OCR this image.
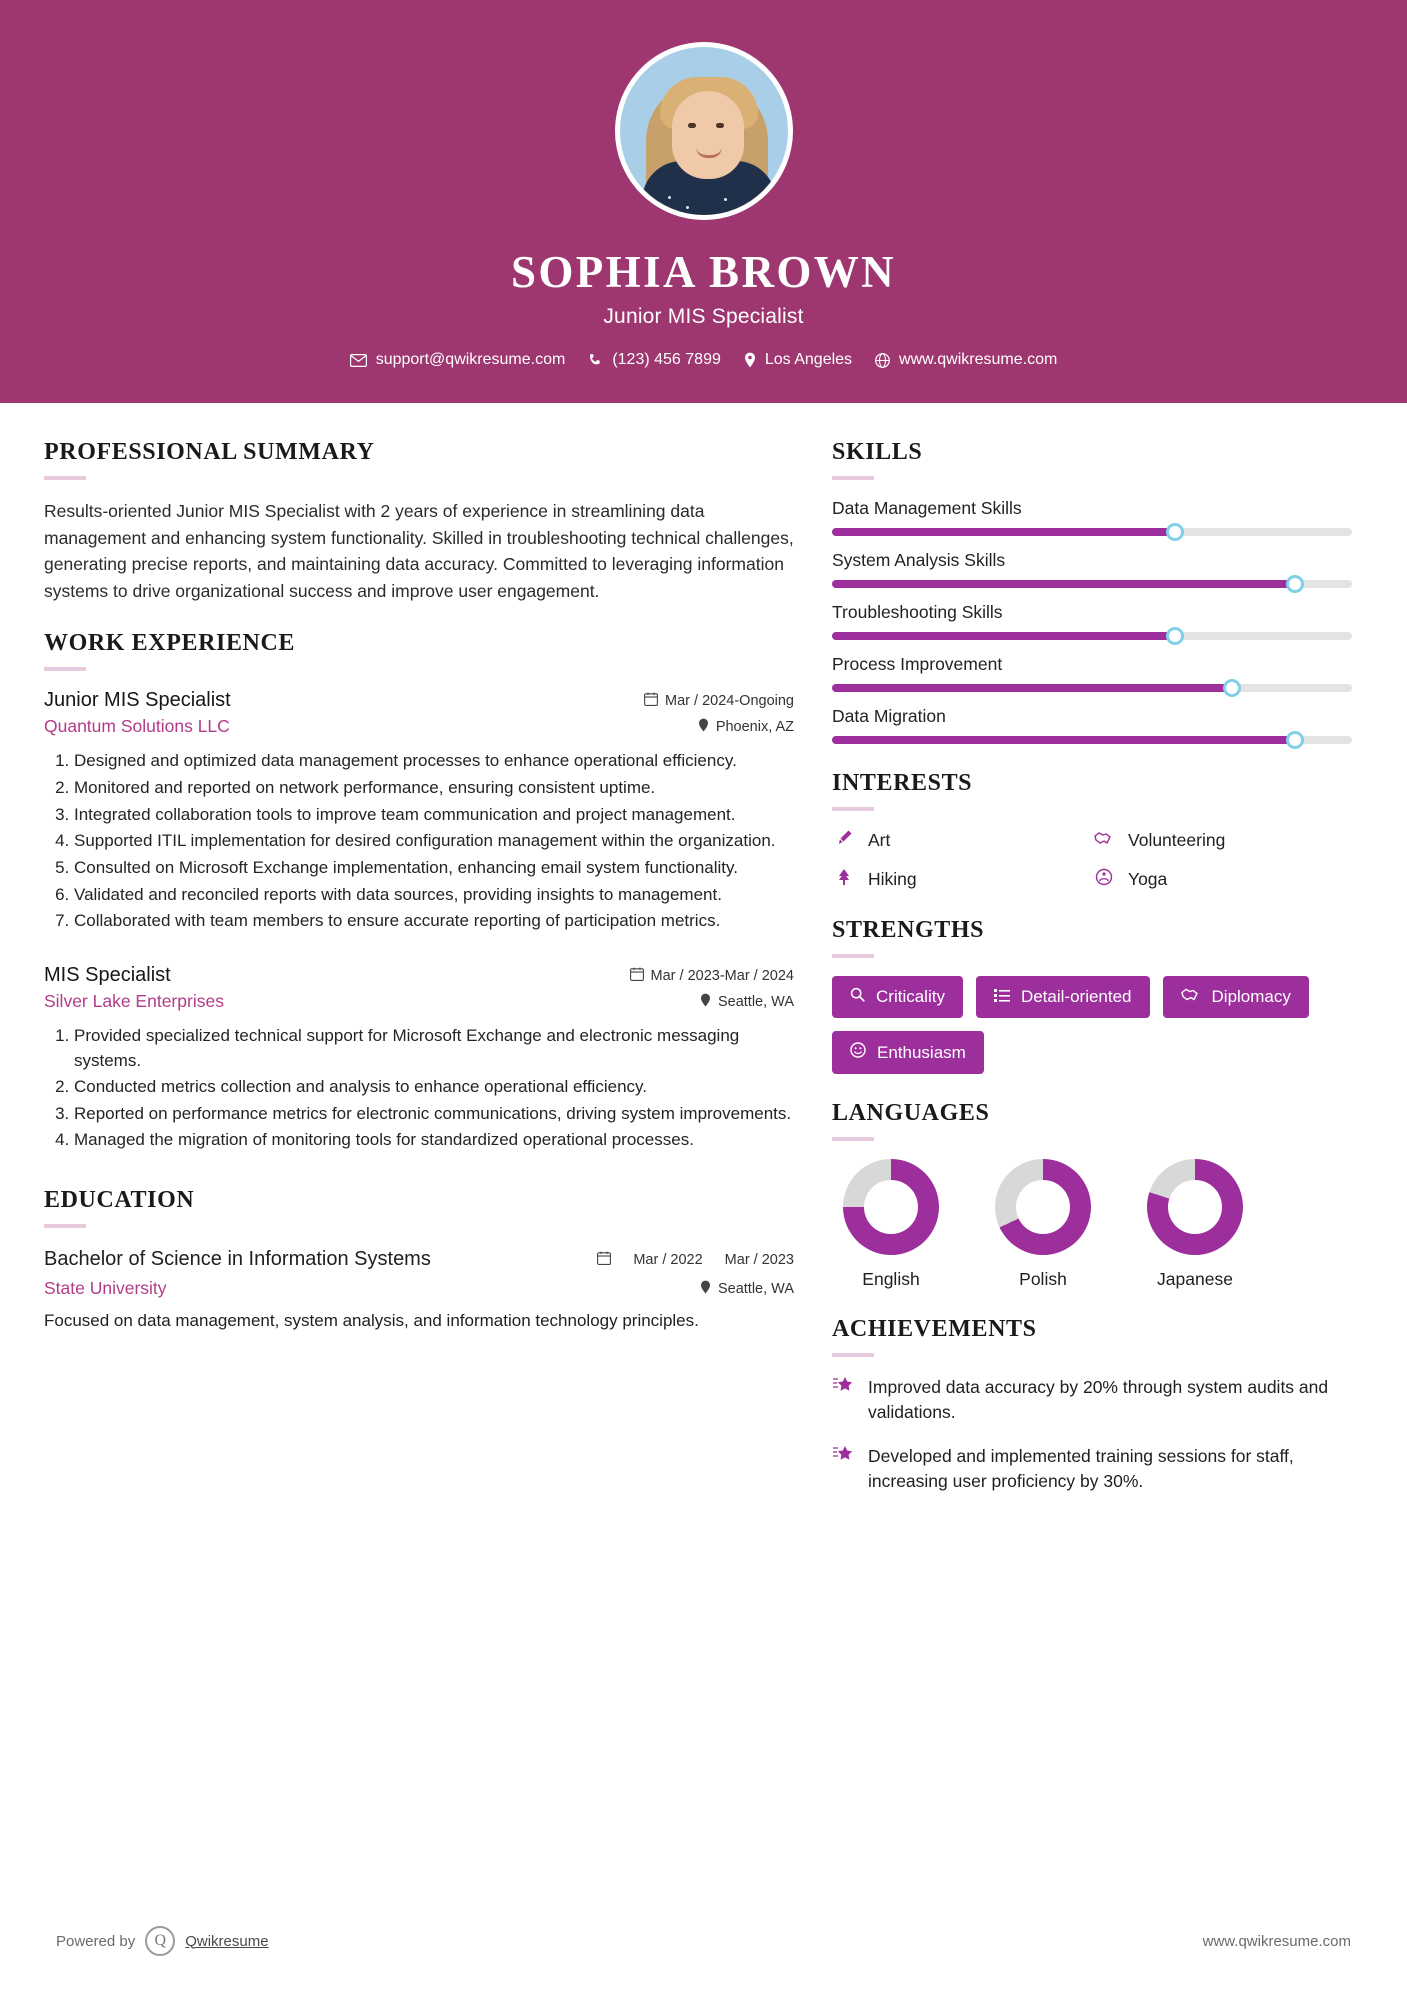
SOPHIA BROWN
Junior MIS Specialist
support@qwikresume.com	(123) 456 7899	Los Angeles	www.qwikresume.com
PROFESSIONAL SUMMARY

Results-oriented Junior MIS Specialist with 2 years of experience in streamlining data management and enhancing system functionality. Skilled in troubleshooting technical challenges, generating precise reports, and maintaining data accuracy. Committed to leveraging information systems to drive organizational success and improve user engagement.

WORK EXPERIENCE
Junior MIS Specialist	Mar / 2024-Ongoing
Quantum Solutions LLC	Phoenix, AZ
1. Designed and optimized data management processes to enhance operational efficiency.
2. Monitored and reported on network performance, ensuring consistent uptime.
3. Integrated collaboration tools to improve team communication and project management.
4. Supported ITIL implementation for desired configuration management within the organization.
5. Consulted on Microsoft Exchange implementation, enhancing email system functionality.
6. Validated and reconciled reports with data sources, providing insights to management.
7. Collaborated with team members to ensure accurate reporting of participation metrics.
MIS Specialist	Mar / 2023-Mar / 2024
Silver Lake Enterprises	Seattle, WA
1. Provided specialized technical support for Microsoft Exchange and electronic messaging systems.
2. Conducted metrics collection and analysis to enhance operational efficiency.
3. Reported on performance metrics for electronic communications, driving system improvements.
4. Managed the migration of monitoring tools for standardized operational processes.
EDUCATION
Bachelor of Science in Information Systems	Mar / 2022 Mar / 2023
State University	Seattle, WA
Focused on data management, system analysis, and information technology principles.
SKILLS
Data Management Skills
System Analysis Skills
Troubleshooting Skills
Process Improvement
Data Migration
INTERESTS
Art	Volunteering
Hiking	Yoga
STRENGTHS
Criticality	Detail-oriented	Diplomacy
Enthusiasm
LANGUAGES
English	Polish	Japanese
ACHIEVEMENTS
Improved data accuracy by 20% through system audits and validations.
Developed and implemented training sessions for staff, increasing user proficiency by 30%.
Powered by	Q	Qwikresume	www.qwikresume.com
